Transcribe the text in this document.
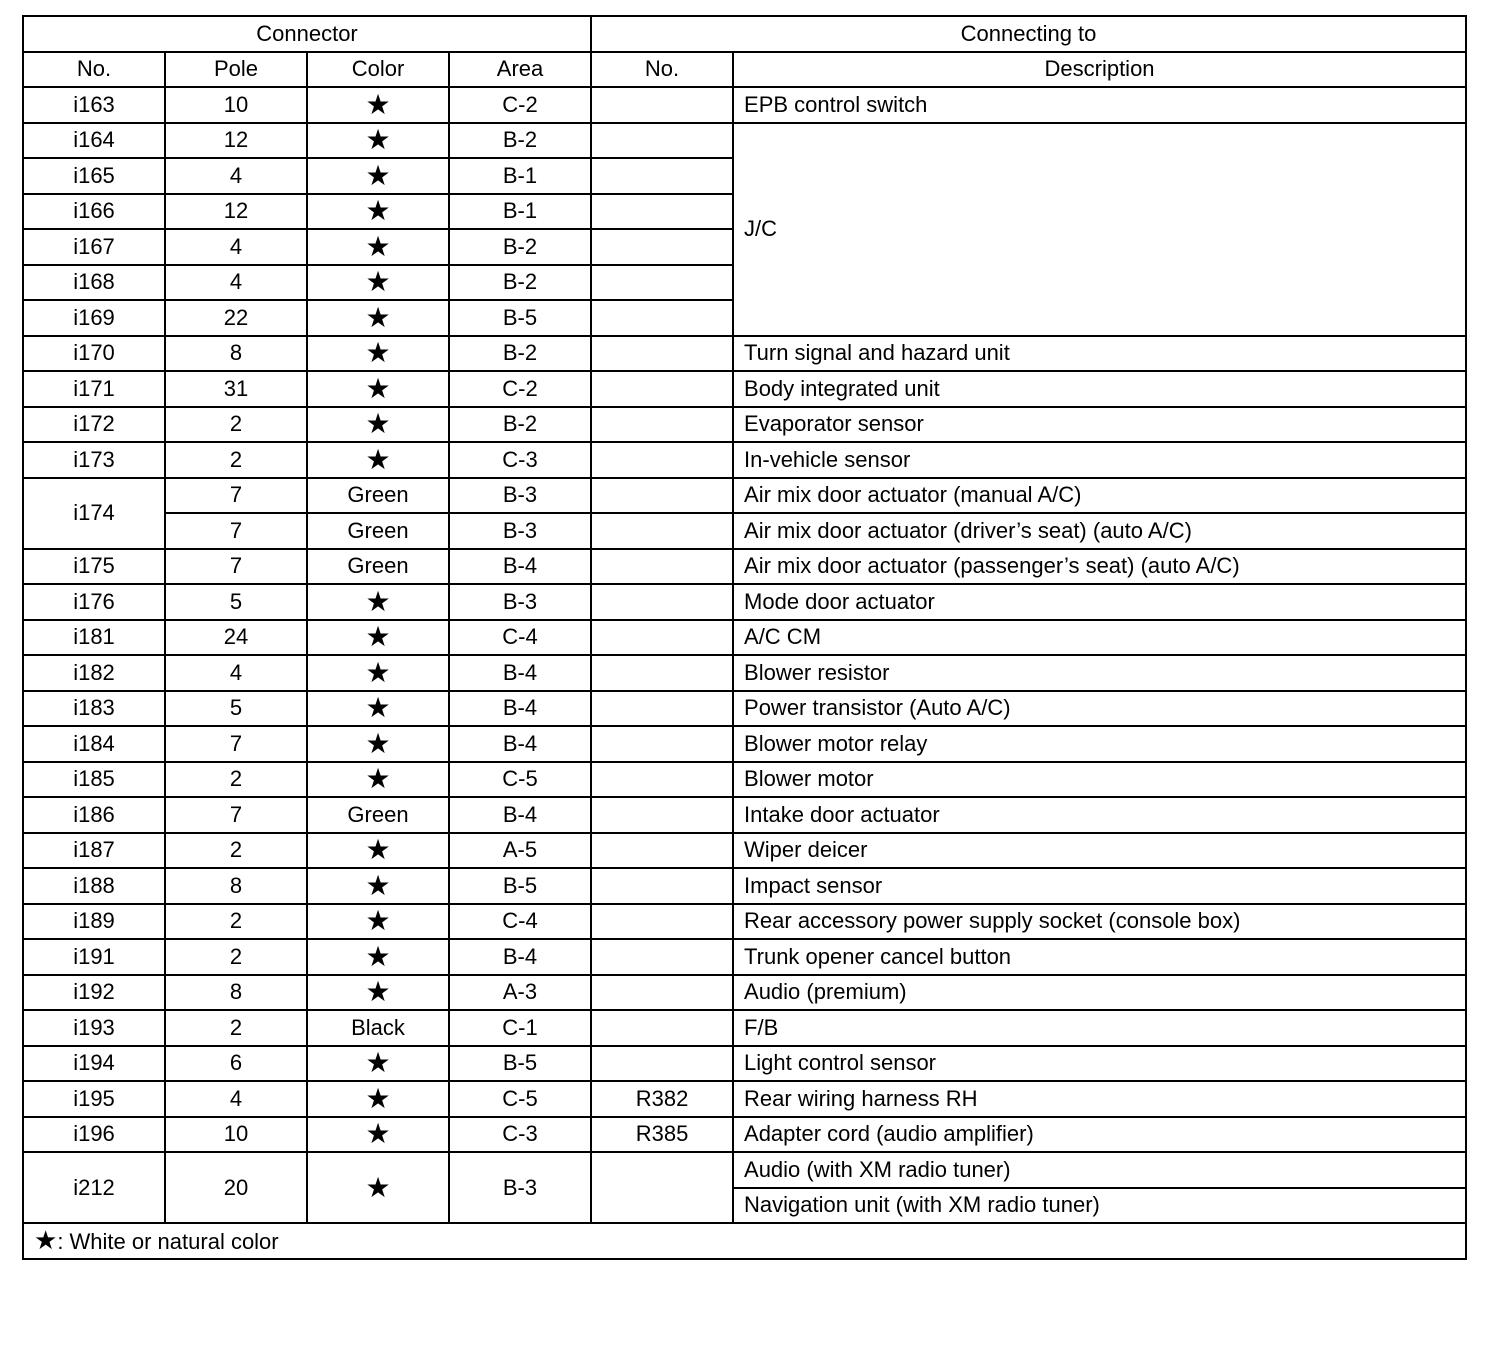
Connector				Connecting to	
No.	Pole	Color	Area	No.	Description
i163	10	★	C-2		EPB control switch
i164	12	★	B-2		J/C
i165	4	★	B-1		
i166	12	★	B-1		
i167	4	★	B-2		
i168	4	★	B-2		
i169	22	★	B-5		
i170	8	★	B-2		Turn signal and hazard unit
i171	31	★	C-2		Body integrated unit
i172	2	★	B-2		Evaporator sensor
i173	2	★	C-3		In-vehicle sensor
i174	7	Green	B-3		Air mix door actuator (manual A/C)
	7	Green	B-3		Air mix door actuator (driver’s seat) (auto A/C)
i175	7	Green	B-4		Air mix door actuator (passenger’s seat) (auto A/C)
i176	5	★	B-3		Mode door actuator
i181	24	★	C-4		A/C CM
i182	4	★	B-4		Blower resistor
i183	5	★	B-4		Power transistor (Auto A/C)
i184	7	★	B-4		Blower motor relay
i185	2	★	C-5		Blower motor
i186	7	Green	B-4		Intake door actuator
i187	2	★	A-5		Wiper deicer
i188	8	★	B-5		Impact sensor
i189	2	★	C-4		Rear accessory power supply socket (console box)
i191	2	★	B-4		Trunk opener cancel button
i192	8	★	A-3		Audio (premium)
i193	2	Black	C-1		F/B
i194	6	★	B-5		Light control sensor
i195	4	★	C-5	R382	Rear wiring harness RH
i196	10	★	C-3	R385	Adapter cord (audio amplifier)
i212	20	★	B-3		Audio (with XM radio tuner)
					Navigation unit (with XM radio tuner)
★: White or natural color					
